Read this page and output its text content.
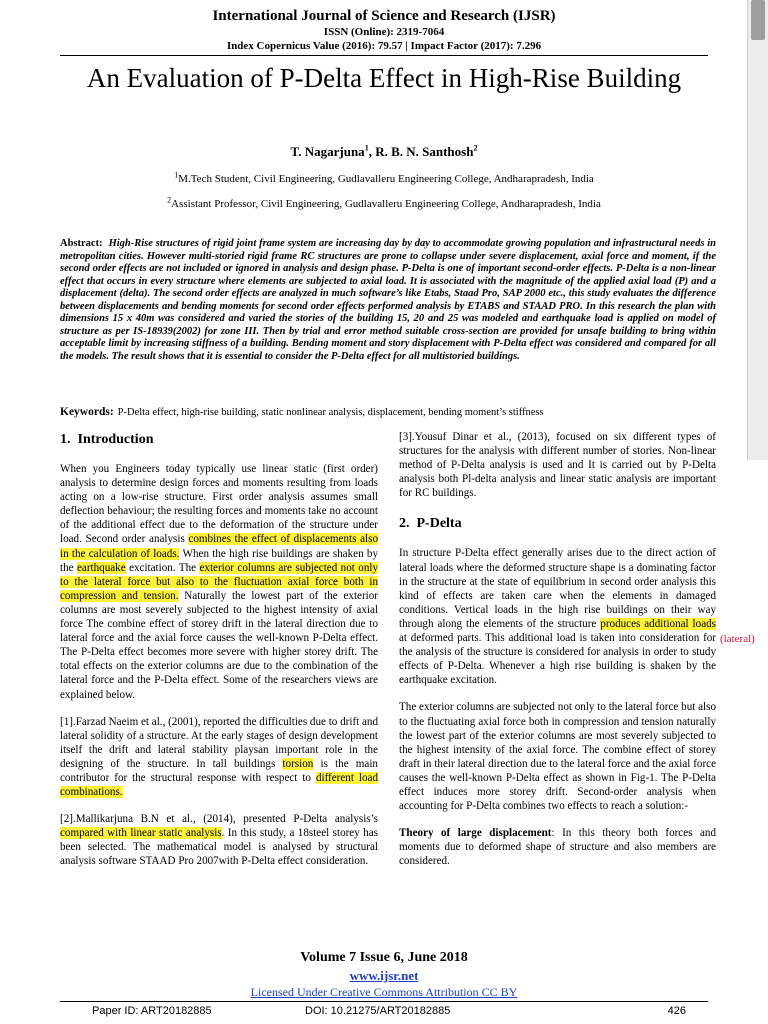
International Journal of Science and Research (IJSR)
ISSN (Online): 2319-7064
Index Copernicus Value (2016): 79.57 | Impact Factor (2017): 7.296
An Evaluation of P-Delta Effect in High-Rise Building
T. Nagarjuna$^1$, R. B. N. Santhosh$^2$
$^1$M.Tech Student, Civil Engineering, Gudlavalleru Engineering College, Andharapradesh, India
$^2$Assistant Professor, Civil Engineering, Gudlavalleru Engineering College, Andharapradesh, India
Abstract: High-Rise structures of rigid joint frame system are increasing day by day to accommodate growing population and infrastructural needs in metropolitan cities. However multi-storied rigid frame RC structures are prone to collapse under severe displacement, axial force and moment, if the second order effects are not included or ignored in analysis and design phase. P-Delta is one of important second-order effects. P-Delta is a non-linear effect that occurs in every structure where elements are subjected to axial load. It is associated with the magnitude of the applied axial load (P) and a displacement (delta). The second order effects are analyzed in much software’s like Etabs, Staad Pro, SAP 2000 etc., this study evaluates the difference between displacements and bending moments for second order effects performed analysis by ETABS and STAAD PRO. In this research the plan with dimensions 15 x 40m was considered and varied the stories of the building 15, 20 and 25 was modeled and earthquake load is applied on model of structure as per IS-18939(2002) for zone III. Then by trial and error method suitable cross-section are provided for unsafe building to bring within acceptable limit by increasing stiffness of a building. Bending moment and story displacement with P-Delta effect was considered and compared for all the models. The result shows that it is essential to consider the P-Delta effect for all multistoried buildings.
Keywords: P-Delta effect, high-rise building, static nonlinear analysis, displacement, bending moment’s stiffness
1.  Introduction

When you Engineers today typically use linear static (first order) analysis to determine design forces and moments resulting from loads acting on a low-rise structure. First order analysis assumes small deflection behaviour; the resulting forces and moments take no account of the additional effect due to the deformation of the structure under load. Second order analysis combines the effect of displacements also in the calculation of loads. When the high rise buildings are shaken by the earthquake excitation. The exterior columns are subjected not only to the lateral force but also to the fluctuation axial force both in compression and tension. Naturally the lowest part of the exterior columns are most severely subjected to the highest intensity of axial force The combine effect of storey drift in the lateral direction due to lateral force and the axial force causes the well-known P-Delta effect. The P-Delta effect becomes more severe with higher storey drift. The total effects on the exterior columns are due to the combination of the lateral force and the P-Delta effect. Some of the researchers views are explained below.

[1].Farzad Naeim et al., (2001), reported the difficulties due to drift and lateral solidity of a structure. At the early stages of design development itself the drift and lateral stability playsan important role in the designing of the structure. In tall buildings torsion is the main contributor for the structural response with respect to different load combinations.

[2].Mallikarjuna B.N et al., (2014), presented P-Delta analysis’s compared with linear static analysis. In this study, a 18steel storey has been selected. The mathematical model is analysed by structural analysis software STAAD Pro 2007with P-Delta effect consideration.

[3].Yousuf Dinar et al., (2013), focused on six different types of structures for the analysis with different number of stories. Non-linear method of P-Delta analysis is used and It is carried out by P-Delta analysis both Pl-delta analysis and linear static analysis are important for RC buildings.

2.  P-Delta

In structure P-Delta effect generally arises due to the direct action of lateral loads where the deformed structure shape is a dominating factor in the structure at the state of equilibrium in second order analysis this kind of effects are taken care when the elements in damaged conditions. Vertical loads in the high rise buildings on their way through along the elements of the structure produces additional loads at deformed parts. This additional load is taken into consideration for the analysis of the structure is considered for analysis in order to study effects of P-Delta. Whenever a high rise building is shaken by the earthquake excitation.

The exterior columns are subjected not only to the lateral force but also to the fluctuating axial force both in compression and tension naturally the lowest part of the exterior columns are most severely subjected to the highest intensity of the axial force. The combine effect of storey draft in their lateral direction due to the lateral force and the axial force causes the well-known P-Delta effect as shown in Fig-1. The P-Delta effect induces more storey drift. Second-order analysis when accounting for P-Delta combines two effects to reach a solution:-

Theory of large displacement: In this theory both forces and moments due to deformed shape of structure and also members are considered.

(lateral)
Volume 7 Issue 6, June 2018
www.ijsr.net
Licensed Under Creative Commons Attribution CC BY
Paper ID: ART20182885	DOI: 10.21275/ART20182885	426
